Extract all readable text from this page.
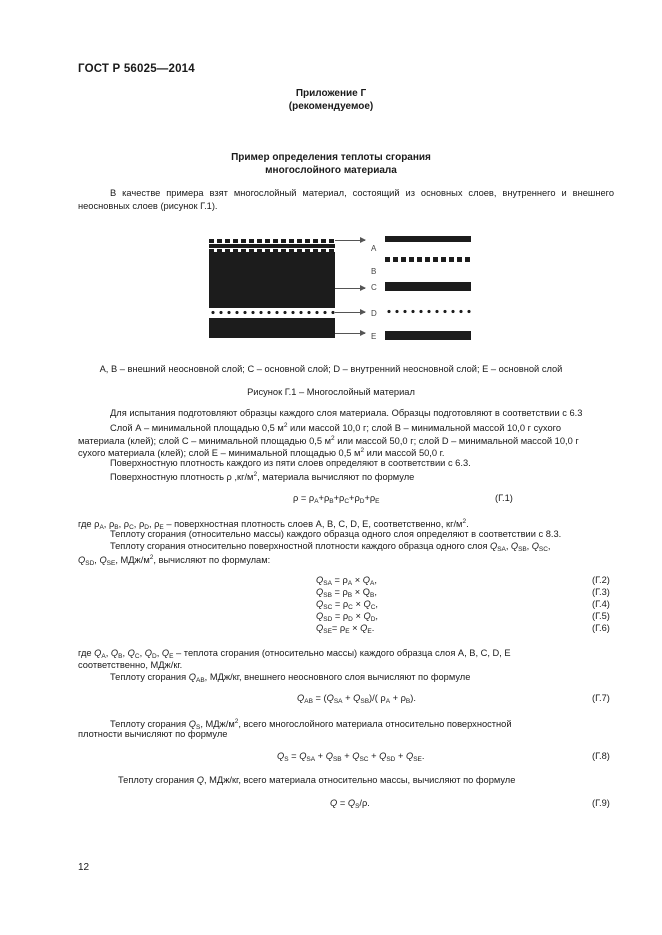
ГОСТ Р 56025—2014
Приложение Г
(рекомендуемое)
Пример определения теплоты сгорания
многослойного материала
В качестве примера взят многослойный материал, состоящий из основных слоев, внутреннего и внешнего неосновных слоев (рисунок Г.1).
A
B
C
D
E
A, B – внешний неосновной слой; C – основной слой; D – внутренний неосновной слой; E – основной слой
Рисунок Г.1 – Многослойный материал
Для испытания подготовляют образцы каждого слоя материала. Образцы подготовляют в соответствии с 6.3
Слой А – минимальной площадью 0,5 $м^2$ или массой 10,0 г; слой В – минимальной массой 10,0 г сухого
материала (клей); слой С – минимальной площадью 0,5 $м^2$ или массой 50,0 г; слой D – минимальной массой 10,0 г
сухого материала (клей); слой Е – минимальной площадью 0,5 $м^2$ или массой 50,0 г.
Поверхностную плотность каждого из пяти слоев определяют в соответствии с 6.3.
Поверхностную плотность ρ $,кг/м^2$, материала вычисляют по формуле
$\rho = \rho_A+\rho_B+\rho_C+\rho_D+\rho_E$	(Г.1)
где $\rho_A$, $\rho_B$, $\rho_C$, $\rho_D$, $\rho_E$ – поверхностная плотность слоев А, В, С, D, Е, соответственно, $кг/м^2$.
Теплоту сгорания (относительно массы) каждого образца одного слоя определяют в соответствии с 8.3.
Теплоту сгорания относительно поверхностной плотности каждого образца одного слоя $Q_{SA}$, $Q_{SB}$, $Q_{SC}$,
$Q_{SD}$, $Q_{SE}$, МДж/$м^2$, вычисляют по формулам:
$Q_{SA} = \rho_A \times Q_A$,
$Q_{SB} = \rho_B \times Q_B$,
$Q_{SC} = \rho_C \times Q_C$,
$Q_{SD} = \rho_D \times Q_D$,
$Q_{SE}= \rho_E \times Q_E$.
(Г.2)
(Г.3)
(Г.4)
(Г.5)
(Г.6)
где $Q_A$, $Q_B$, $Q_C$, $Q_D$, $Q_E$ – теплота сгорания (относительно массы) каждого образца слоя А, В, С, D, Е
соответственно, МДж/кг.
Теплоту сгорания $Q_{AB}$, МДж/кг, внешнего неосновного слоя вычисляют по формуле
$Q_{AB} = (Q_{SA} + Q_{SB})/$( $\rho_A + \rho_B$).	(Г.7)
Теплоту сгорания $Q_S$, МДж/$м^2$, всего многослойного материала относительно поверхностной
плотности вычисляют по формуле
$Q_S = Q_{SA} + Q_{SB} + Q_{SC} + Q_{SD} + Q_{SE}$.	(Г.8)
Теплоту сгорания Q, МДж/кг, всего материала относительно массы, вычисляют по формуле
$Q = Q_S/\rho$.	(Г.9)
12
